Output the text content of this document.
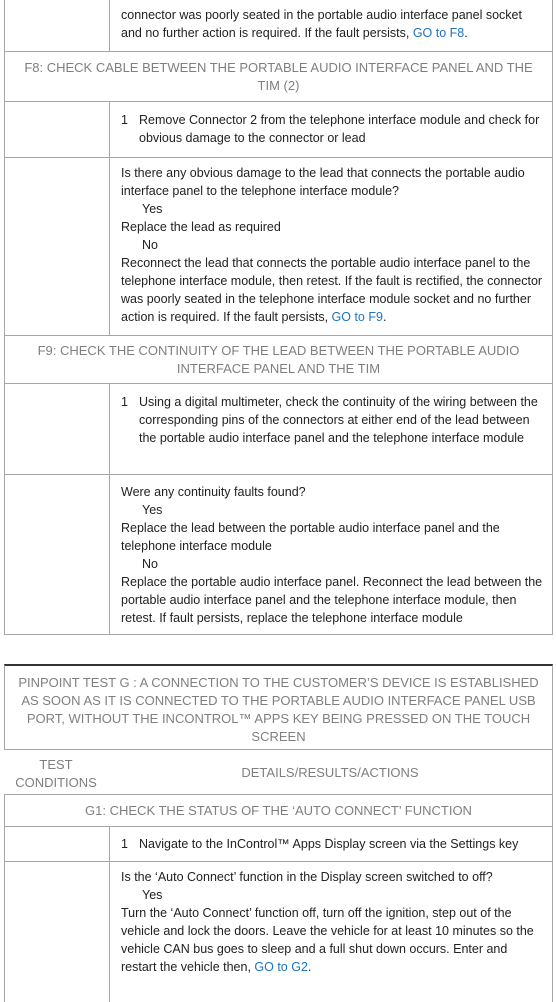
connector was poorly seated in the portable audio interface panel socket and no further action is required. If the fault persists, GO to F8.
F8: CHECK CABLE BETWEEN THE PORTABLE AUDIO INTERFACE PANEL AND THE TIM (2)
1 Remove Connector 2 from the telephone interface module and check for obvious damage to the connector or lead
Is there any obvious damage to the lead that connects the portable audio interface panel to the telephone interface module?
Yes
Replace the lead as required
No
Reconnect the lead that connects the portable audio interface panel to the telephone interface module, then retest. If the fault is rectified, the connector was poorly seated in the telephone interface module socket and no further action is required. If the fault persists, GO to F9.
F9: CHECK THE CONTINUITY OF THE LEAD BETWEEN THE PORTABLE AUDIO INTERFACE PANEL AND THE TIM
1 Using a digital multimeter, check the continuity of the wiring between the corresponding pins of the connectors at either end of the lead between the portable audio interface panel and the telephone interface module
Were any continuity faults found?
Yes
Replace the lead between the portable audio interface panel and the telephone interface module
No
Replace the portable audio interface panel. Reconnect the lead between the portable audio interface panel and the telephone interface module, then retest. If fault persists, replace the telephone interface module
PINPOINT TEST G : A CONNECTION TO THE CUSTOMER’S DEVICE IS ESTABLISHED AS SOON AS IT IS CONNECTED TO THE PORTABLE AUDIO INTERFACE PANEL USB PORT, WITHOUT THE INCONTROL™ APPS KEY BEING PRESSED ON THE TOUCH SCREEN
TEST CONDITIONS
DETAILS/RESULTS/ACTIONS
G1: CHECK THE STATUS OF THE ‘AUTO CONNECT’ FUNCTION
1 Navigate to the InControl™ Apps Display screen via the Settings key
Is the ‘Auto Connect’ function in the Display screen switched to off?
Yes
Turn the ‘Auto Connect’ function off, turn off the ignition, step out of the vehicle and lock the doors. Leave the vehicle for at least 10 minutes so the vehicle CAN bus goes to sleep and a full shut down occurs. Enter and restart the vehicle then, GO to G2.
